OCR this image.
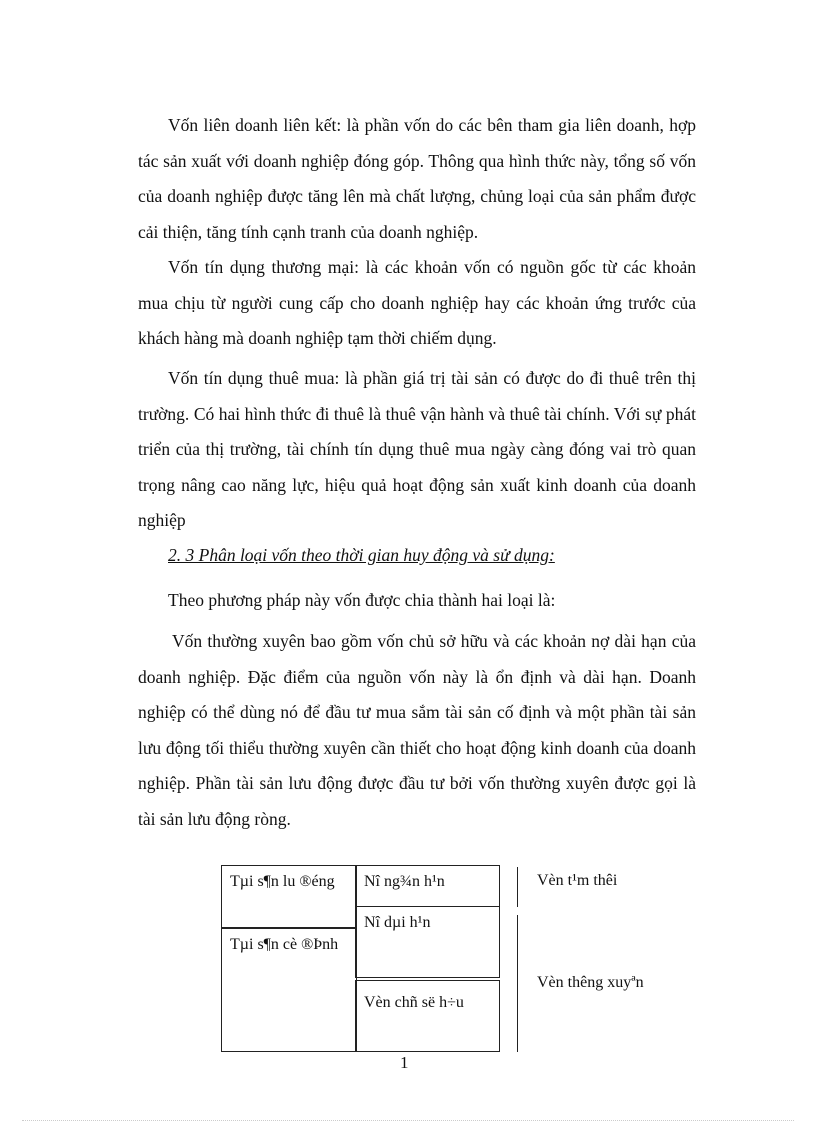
Vốn liên doanh liên kết: là phần vốn do các bên tham gia liên doanh, hợp tác sản xuất với doanh nghiệp đóng góp. Thông qua hình thức này, tổng số vốn của doanh nghiệp được tăng lên mà chất lượng, chủng loại của sản phẩm được cải thiện, tăng tính cạnh tranh của doanh nghiệp.

Vốn tín dụng thương mại: là các khoản vốn có nguồn gốc từ các khoản mua chịu từ người cung cấp cho doanh nghiệp hay các khoản ứng trước của khách hàng mà doanh nghiệp tạm thời chiếm dụng.

Vốn tín dụng thuê mua: là phần giá trị tài sản có được do đi thuê trên thị trường. Có hai hình thức đi thuê là thuê vận hành và thuê tài chính. Với sự phát triển của thị trường, tài chính tín dụng thuê mua ngày càng đóng vai trò quan trọng nâng cao năng lực, hiệu quả hoạt động sản xuất kinh doanh của doanh nghiệp

2. 3 Phân loại vốn theo thời gian huy động và sử dụng:

Theo phương pháp này vốn được chia thành hai loại là:

Vốn thường xuyên bao gồm vốn chủ sở hữu và các khoản nợ dài hạn của doanh nghiệp. Đặc điểm của nguồn vốn này là ổn định và dài hạn. Doanh nghiệp có thể dùng nó để đầu tư mua sắm tài sản cố định và một phần tài sản lưu động tối thiểu thường xuyên cần thiết cho hoạt động kinh doanh của doanh nghiệp. Phần tài sản lưu động được đầu tư bởi vốn thường xuyên được gọi là tài sản lưu động ròng.

Tµi s¶n lu ®éng
Tµi s¶n cè ®Þnh
Nî ng¾n h¹n
Nî dµi h¹n
Vèn chñ së h÷u
Vèn t¹m thêi
Vèn thêng xuyªn
1
